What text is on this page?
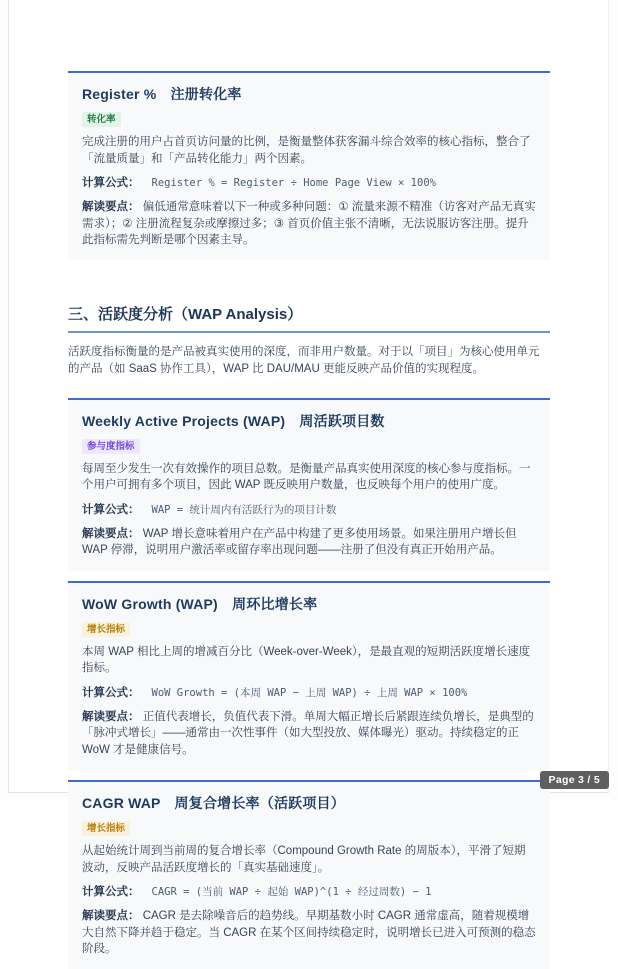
Register %　注册转化率
转化率

完成注册的用户占首页访问量的比例，是衡量整体获客漏斗综合效率的核心指标，整合了「流量质量」和「产品转化能力」两个因素。

计算公式： Register % = Register ÷ Home Page View × 100%

解读要点： 偏低通常意味着以下一种或多种问题：① 流量来源不精准（访客对产品无真实需求）；② 注册流程复杂或摩擦过多；③ 首页价值主张不清晰，无法说服访客注册。提升此指标需先判断是哪个因素主导。

三、活跃度分析（WAP Analysis）

活跃度指标衡量的是产品被真实使用的深度，而非用户数量。对于以「项目」为核心使用单元的产品（如 SaaS 协作工具），WAP 比 DAU/MAU 更能反映产品价值的实现程度。

Weekly Active Projects (WAP)　周活跃项目数
参与度指标

每周至少发生一次有效操作的项目总数。是衡量产品真实使用深度的核心参与度指标。一个用户可拥有多个项目，因此 WAP 既反映用户数量，也反映每个用户的使用广度。

计算公式： WAP = 统计周内有活跃行为的项目计数

解读要点： WAP 增长意味着用户在产品中构建了更多使用场景。如果注册用户增长但 WAP 停滞，说明用户激活率或留存率出现问题——注册了但没有真正开始用产品。

WoW Growth (WAP)　周环比增长率
增长指标

本周 WAP 相比上周的增减百分比（Week-over-Week），是最直观的短期活跃度增长速度指标。

计算公式： WoW Growth = (本周 WAP − 上周 WAP) ÷ 上周 WAP × 100%

解读要点： 正值代表增长，负值代表下滑。单周大幅正增长后紧跟连续负增长，是典型的「脉冲式增长」——通常由一次性事件（如大型投放、媒体曝光）驱动。持续稳定的正 WoW 才是健康信号。

CAGR WAP　周复合增长率（活跃项目）
增长指标

从起始统计周到当前周的复合增长率（Compound Growth Rate 的周版本），平滑了短期波动，反映产品活跃度增长的「真实基础速度」。

计算公式： CAGR = (当前 WAP ÷ 起始 WAP)^(1 ÷ 经过周数) − 1

解读要点： CAGR 是去除噪音后的趋势线。早期基数小时 CAGR 通常虚高，随着规模增大自然下降并趋于稳定。当 CAGR 在某个区间持续稳定时，说明增长已进入可预测的稳态阶段。

Page 3 / 5
